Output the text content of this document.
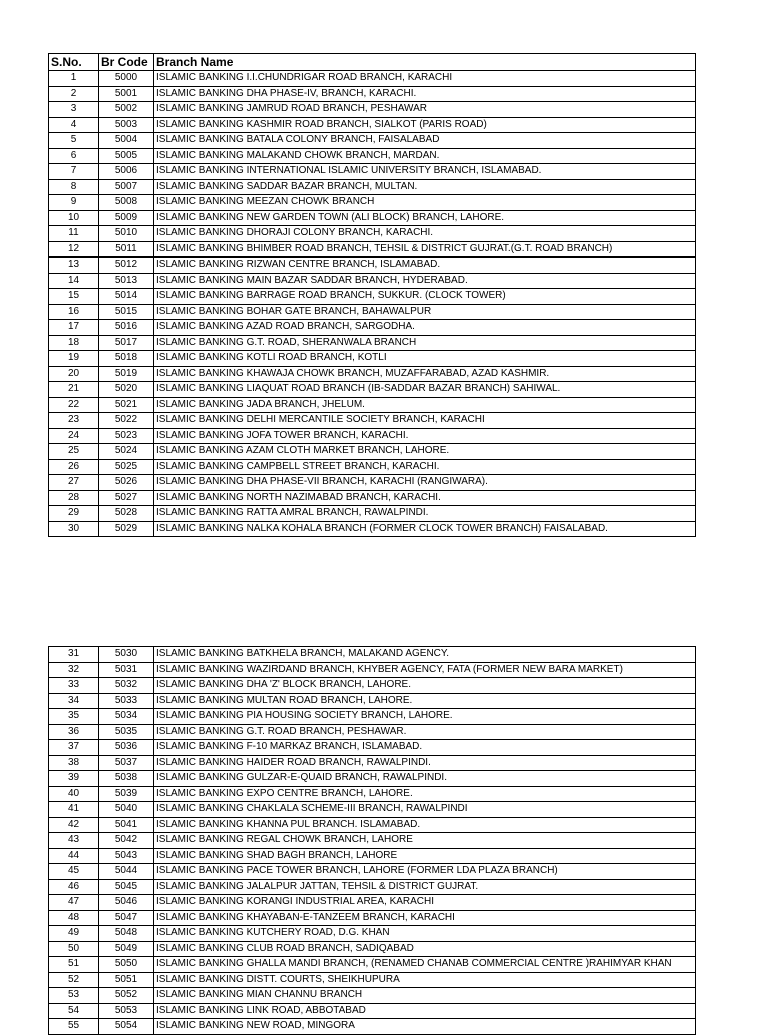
S.No.	Br Code	Branch Name
1	5000	ISLAMIC BANKING I.I.CHUNDRIGAR ROAD BRANCH, KARACHI
2	5001	ISLAMIC BANKING DHA PHASE-IV, BRANCH, KARACHI.
3	5002	ISLAMIC BANKING JAMRUD ROAD BRANCH, PESHAWAR
4	5003	ISLAMIC BANKING KASHMIR ROAD BRANCH, SIALKOT (PARIS ROAD)
5	5004	ISLAMIC BANKING BATALA COLONY BRANCH, FAISALABAD
6	5005	ISLAMIC BANKING MALAKAND CHOWK BRANCH, MARDAN.
7	5006	ISLAMIC BANKING INTERNATIONAL ISLAMIC UNIVERSITY BRANCH, ISLAMABAD.
8	5007	ISLAMIC BANKING SADDAR BAZAR BRANCH, MULTAN.
9	5008	ISLAMIC BANKING MEEZAN CHOWK BRANCH
10	5009	ISLAMIC BANKING NEW GARDEN TOWN (ALI BLOCK) BRANCH, LAHORE.
11	5010	ISLAMIC BANKING DHORAJI COLONY BRANCH, KARACHI.
12	5011	ISLAMIC BANKING BHIMBER ROAD BRANCH, TEHSIL & DISTRICT GUJRAT.(G.T. ROAD BRANCH)
13	5012	ISLAMIC BANKING RIZWAN CENTRE BRANCH, ISLAMABAD.
14	5013	ISLAMIC BANKING MAIN BAZAR SADDAR BRANCH, HYDERABAD.
15	5014	ISLAMIC BANKING BARRAGE ROAD BRANCH, SUKKUR. (CLOCK TOWER)
16	5015	ISLAMIC BANKING BOHAR GATE BRANCH, BAHAWALPUR
17	5016	ISLAMIC BANKING AZAD ROAD BRANCH, SARGODHA.
18	5017	ISLAMIC BANKING G.T. ROAD, SHERANWALA BRANCH
19	5018	ISLAMIC BANKING KOTLI ROAD BRANCH, KOTLI
20	5019	ISLAMIC BANKING KHAWAJA CHOWK BRANCH, MUZAFFARABAD, AZAD KASHMIR.
21	5020	ISLAMIC BANKING LIAQUAT ROAD BRANCH (IB-SADDAR BAZAR BRANCH) SAHIWAL.
22	5021	ISLAMIC BANKING JADA BRANCH, JHELUM.
23	5022	ISLAMIC BANKING DELHI MERCANTILE SOCIETY BRANCH, KARACHI
24	5023	ISLAMIC BANKING JOFA TOWER BRANCH, KARACHI.
25	5024	ISLAMIC BANKING AZAM CLOTH MARKET BRANCH, LAHORE.
26	5025	ISLAMIC BANKING CAMPBELL STREET BRANCH, KARACHI.
27	5026	ISLAMIC BANKING DHA PHASE-VII BRANCH, KARACHI (RANGIWARA).
28	5027	ISLAMIC BANKING NORTH NAZIMABAD BRANCH, KARACHI.
29	5028	ISLAMIC BANKING RATTA AMRAL BRANCH, RAWALPINDI.
30	5029	ISLAMIC BANKING NALKA KOHALA BRANCH (FORMER CLOCK TOWER BRANCH) FAISALABAD.
31	5030	ISLAMIC BANKING BATKHELA BRANCH, MALAKAND AGENCY.
32	5031	ISLAMIC BANKING WAZIRDAND BRANCH, KHYBER AGENCY, FATA (FORMER NEW BARA MARKET)
33	5032	ISLAMIC BANKING DHA 'Z' BLOCK BRANCH, LAHORE.
34	5033	ISLAMIC BANKING MULTAN ROAD BRANCH, LAHORE.
35	5034	ISLAMIC BANKING PIA HOUSING SOCIETY BRANCH, LAHORE.
36	5035	ISLAMIC BANKING G.T. ROAD BRANCH, PESHAWAR.
37	5036	ISLAMIC BANKING F-10 MARKAZ BRANCH, ISLAMABAD.
38	5037	ISLAMIC BANKING HAIDER ROAD BRANCH, RAWALPINDI.
39	5038	ISLAMIC BANKING GULZAR-E-QUAID BRANCH, RAWALPINDI.
40	5039	ISLAMIC BANKING EXPO CENTRE BRANCH, LAHORE.
41	5040	ISLAMIC BANKING CHAKLALA SCHEME-III BRANCH, RAWALPINDI
42	5041	ISLAMIC BANKING KHANNA PUL BRANCH. ISLAMABAD.
43	5042	ISLAMIC BANKING REGAL CHOWK BRANCH, LAHORE
44	5043	ISLAMIC BANKING SHAD BAGH BRANCH, LAHORE
45	5044	ISLAMIC BANKING PACE TOWER BRANCH, LAHORE (FORMER LDA PLAZA BRANCH)
46	5045	ISLAMIC BANKING JALALPUR JATTAN, TEHSIL & DISTRICT GUJRAT.
47	5046	ISLAMIC BANKING KORANGI INDUSTRIAL AREA, KARACHI
48	5047	ISLAMIC BANKING KHAYABAN-E-TANZEEM BRANCH, KARACHI
49	5048	ISLAMIC BANKING KUTCHERY ROAD, D.G. KHAN
50	5049	ISLAMIC BANKING CLUB ROAD BRANCH, SADIQABAD
51	5050	ISLAMIC BANKING GHALLA MANDI BRANCH, (RENAMED CHANAB COMMERCIAL CENTRE )RAHIMYAR KHAN
52	5051	ISLAMIC BANKING DISTT. COURTS, SHEIKHUPURA
53	5052	ISLAMIC BANKING MIAN CHANNU BRANCH
54	5053	ISLAMIC BANKING LINK ROAD, ABBOTABAD
55	5054	ISLAMIC BANKING NEW ROAD, MINGORA
